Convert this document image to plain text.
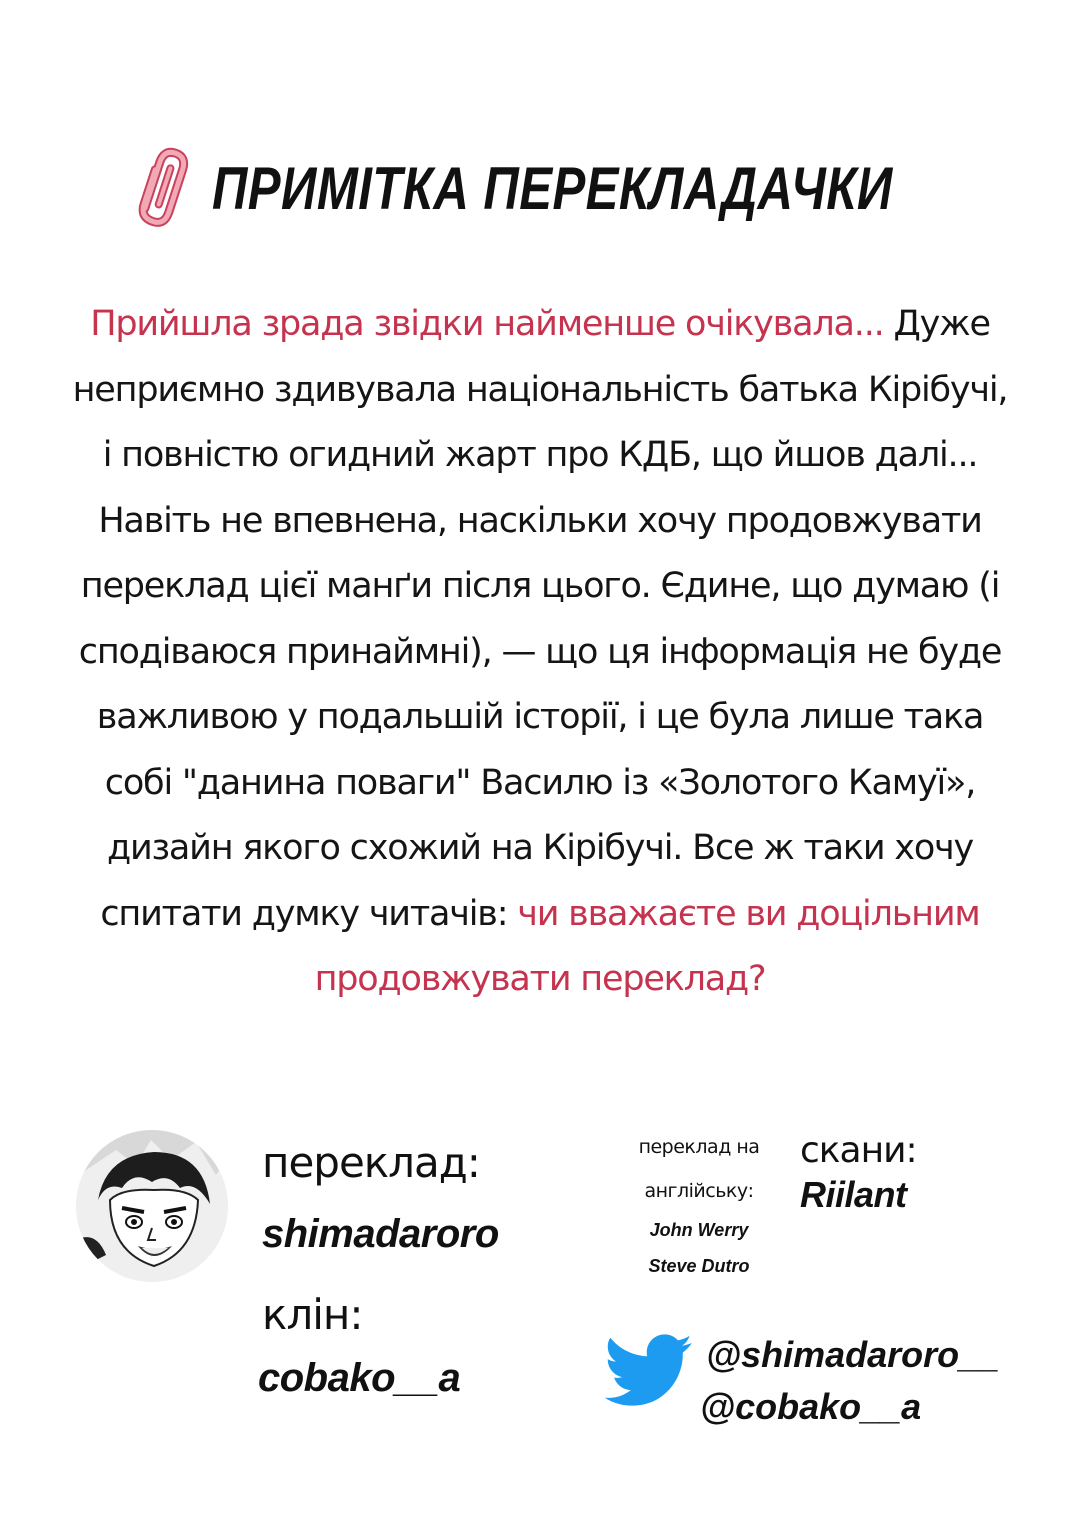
ПРИМІТКА ПЕРЕКЛАДАЧКИ
Прийшла зрада звідки найменше очікувала... Дуже неприємно здивувала національність батька Кірібучі, і повністю огидний жарт про КДБ, що йшов далі... Навіть не впевнена, наскільки хочу продовжувати переклад цієї манґи після цього. Єдине, що думаю (і сподіваюся принаймні), — що ця інформація не буде важливою у подальшій історії, і це була лише така собі "данина поваги" Василю із «Золотого Камуї», дизайн якого схожий на Кірібучі. Все ж таки хочу спитати думку читачів: чи вважаєте ви доцільним продовжувати переклад?
переклад:
shimadaroro
клін:
cobako__a
переклад на
англійську:
John Werry
Steve Dutro
скани:
Riilant
@shimadaroro__
@cobako__a
